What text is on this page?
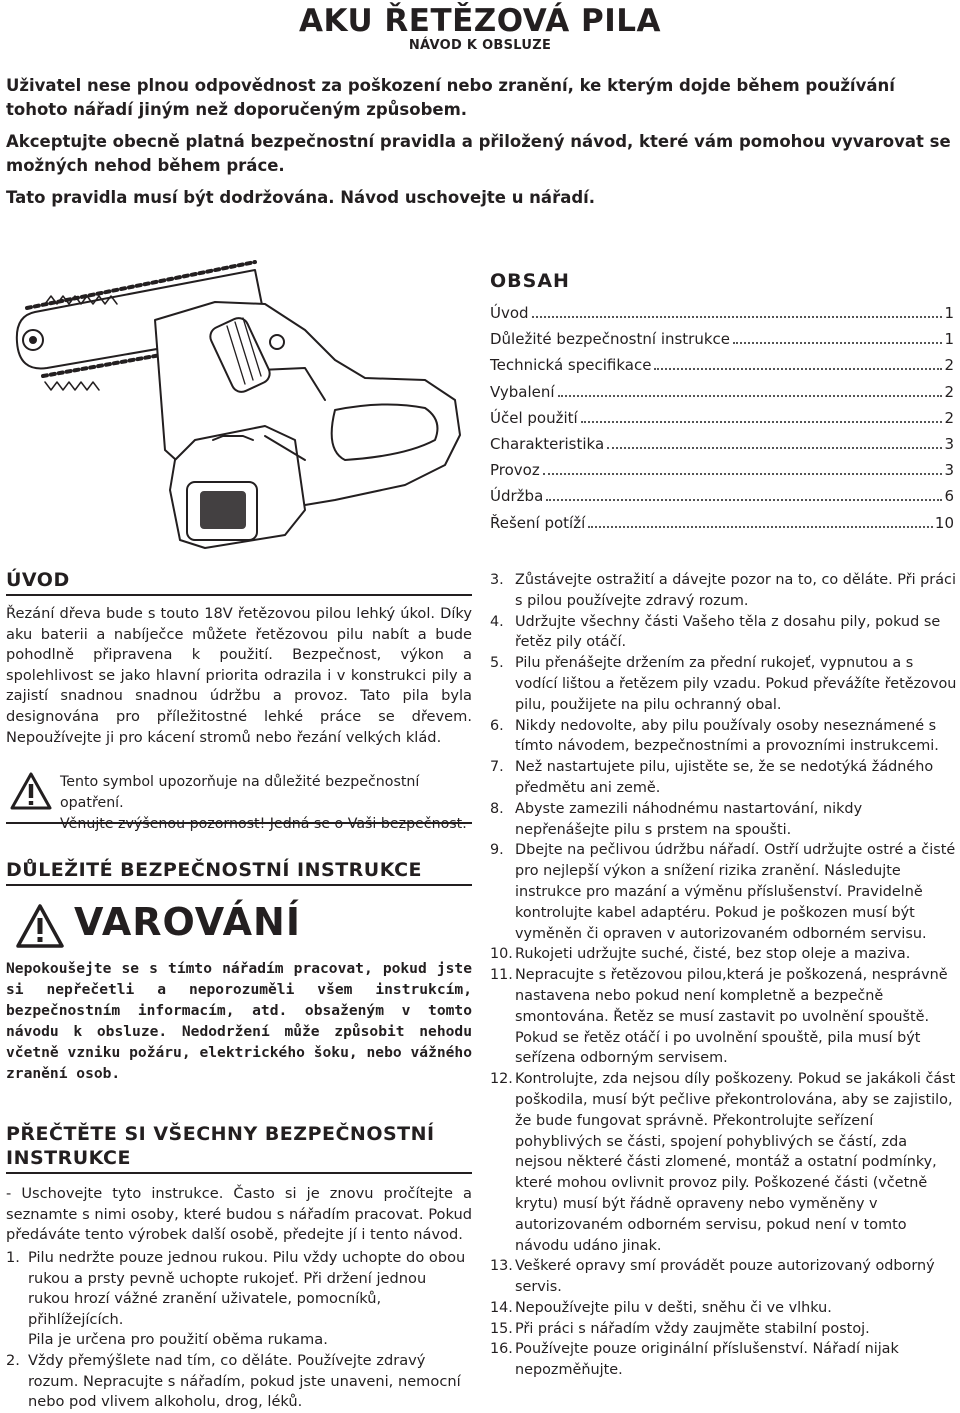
AKU ŘETĚZOVÁ PILA
NÁVOD K OBSLUZE

Uživatel nese plnou odpovědnost za poškození nebo zranění, ke kterým dojde během používání tohoto nářadí jiným než doporučeným způsobem.

Akceptujte obecně platná bezpečnostní pravidla a přiložený návod, které vám pomohou vyvarovat se možných nehod během práce.

Tato pravidla musí být dodržována. Návod uschovejte u nářadí.

OBSAH
Úvod	1
Důležité bezpečnostní instrukce	1
Technická specifikace	2
Vybalení	2
Účel použití	2
Charakteristika	3
Provoz	3
Údržba	6
Řešení potíží	10
ÚVOD

Řezání dřeva bude s touto 18V řetězovou pilou lehký úkol. Díky aku baterii a nabíječce můžete řetězovou pilu nabít a bude pohodlně připravena k použití. Bezpečnost, výkon a spolehlivost se jako hlavní priorita odrazila i v konstrukci pily a zajistí snadnou snadnou údržbu a provoz. Tato pila byla designována pro příležitostné lehké práce se dřevem. Nepoužívejte ji pro kácení stromů nebo řezání velkých klád.

Tento symbol upozorňuje na důležité bezpečnostní opatření.
Věnujte zvýšenou pozornost! Jedná se o Vaši bezpečnost.
DŮLEŽITÉ BEZPEČNOSTNÍ INSTRUKCE
VAROVÁNÍ

Nepokoušejte se s tímto nářadím pracovat, pokud jste si nepřečetli a neporozuměli všem instrukcím, bezpečnostním informacím, atd. obsaženým v tomto návodu k obsluze. Nedodržení může způsobit nehodu včetně vzniku požáru, elektrického šoku, nebo vážného zranění osob.

PŘEČTĚTE SI VŠECHNY BEZPEČNOSTNÍ
INSTRUKCE

- Uschovejte tyto instrukce. Často si je znovu pročítejte a seznamte s nimi osoby, které budou s nářadím pracovat. Pokud předáváte tento výrobek další osobě, předejte jí i tento návod.

1. Pilu nedržte pouze jednou rukou. Pilu vždy uchopte do obou rukou a prsty pevně uchopte rukojeť. Při držení jednou rukou hrozí vážné zranění uživatele, pomocníků, přihlížejících.
Pila je určena pro použití oběma rukama.
2. Vždy přemýšlete nad tím, co děláte. Používejte zdravý rozum. Nepracujte s nářadím, pokud jste unaveni, nemocní nebo pod vlivem alkoholu, drog, léků.
3. Zůstávejte ostražití a dávejte pozor na to, co děláte. Při práci s pilou používejte zdravý rozum.
4. Udržujte všechny části Vašeho těla z dosahu pily, pokud se řetěz pily otáčí.
5. Pilu přenášejte držením za přední rukojeť, vypnutou a s vodící lištou a řetězem pily vzadu. Pokud převážíte řetězovou pilu, použijete na pilu ochranný obal.
6. Nikdy nedovolte, aby pilu používaly osoby neseznámené s tímto návodem, bezpečnostními a provozními instrukcemi.
7. Než nastartujete pilu, ujistěte se, že se nedotýká žádného předmětu ani země.
8. Abyste zamezili náhodnému nastartování, nikdy nepřenášejte pilu s prstem na spoušti.
9. Dbejte na pečlivou údržbu nářadí. Ostří udržujte ostré a čisté pro nejlepší výkon a snížení rizika zranění. Následujte instrukce pro mazání a výměnu příslušenství. Pravidelně kontrolujte kabel adaptéru. Pokud je poškozen musí být vyměněn či opraven v autorizovaném odborném servisu.
10. Rukojeti udržujte suché, čisté, bez stop oleje a maziva.
11. Nepracujte s řetězovou pilou,která je poškozená, nesprávně nastavena nebo pokud není kompletně a bezpečně smontována. Řetěz se musí zastavit po uvolnění spouště. Pokud se řetěz otáčí i po uvolnění spouště, pila musí být seřízena odborným servisem.
12. Kontrolujte, zda nejsou díly poškozeny. Pokud se jakákoli část poškodila, musí být pečlive překontrolována, aby se zajistilo, že bude fungovat správně. Překontrolujte seřízení pohyblivých se části, spojení pohyblivých se částí, zda nejsou některé části zlomené, montáž a ostatní podmínky, které mohou ovlivnit provoz pily. Poškozené části (včetně krytu) musí být řádně opraveny nebo vyměněny v autorizovaném odborném servisu, pokud není v tomto návodu udáno jinak.
13. Veškeré opravy smí provádět pouze autorizovaný odborný servis.
14. Nepoužívejte pilu v dešti, sněhu či ve vlhku.
15. Při práci s nářadím vždy zaujměte stabilní postoj.
16. Používejte pouze originální příslušenství. Nářadí nijak nepozměňujte.
